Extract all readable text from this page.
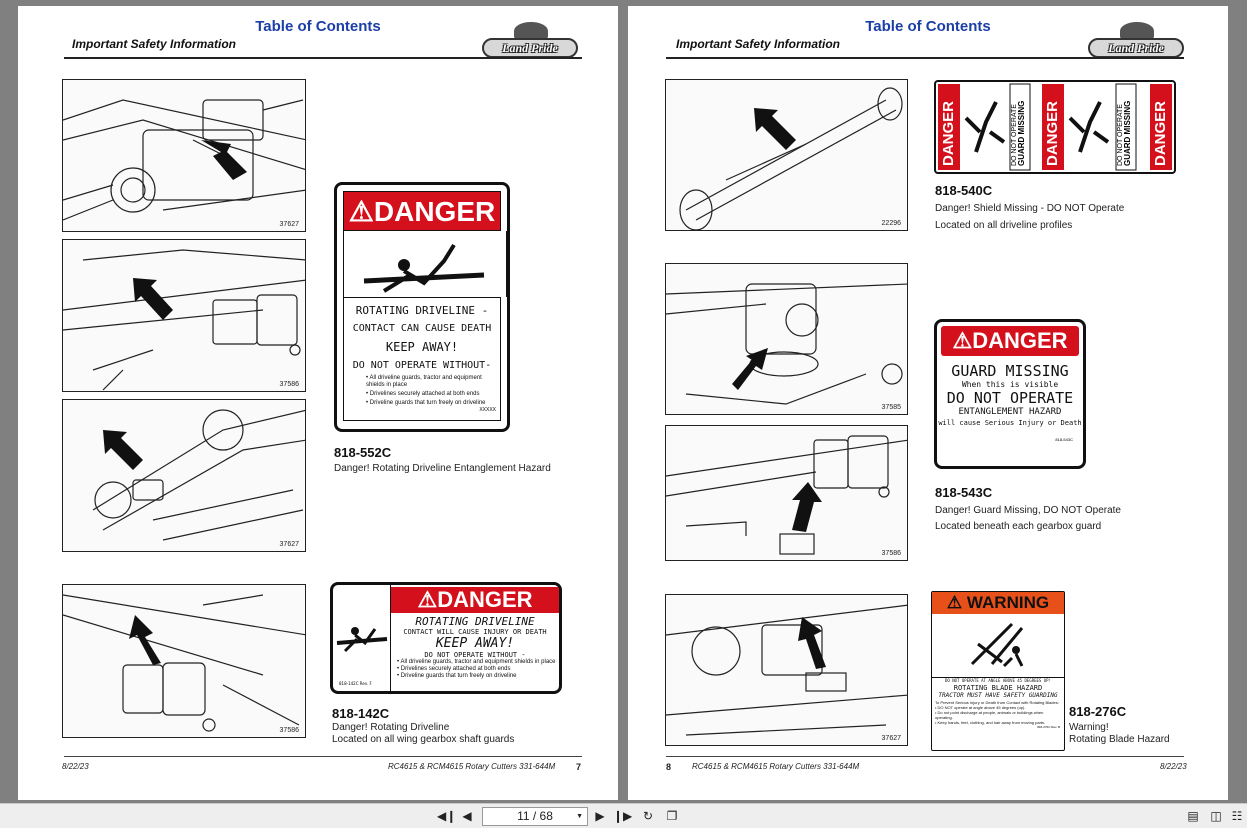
Table of Contents
Important Safety Information	Land Pride
37627
37586
37627
37586
⚠DANGER
ROTATING DRIVELINE -
CONTACT CAN CAUSE DEATH
KEEP AWAY!
DO NOT OPERATE WITHOUT-
• All driveline guards, tractor and equipment shields in place
• Drivelines securely attached at both ends
• Driveline guards that turn freely on driveline
XXXXX
818-552C
Danger! Rotating Driveline Entanglement Hazard
818-142C Rev. F
⚠DANGER
ROTATING DRIVELINE
CONTACT WILL CAUSE INJURY OR DEATH
KEEP AWAY!
DO NOT OPERATE WITHOUT -
• All driveline guards, tractor and equipment shields in place
• Drivelines securely attached at both ends
• Driveline guards that turn freely on driveline
818-142C
Danger! Rotating Driveline
Located on all wing gearbox shaft guards
8/22/23	RC4615 & RCM4615 Rotary Cutters 331-644M 7
Table of Contents
Important Safety Information	Land Pride
22296
37585
37586
37627
DANGER	GUARD MISSING
DO NOT OPERATE DANGER	GUARD MISSING
DO NOT OPERATE DANGER
818-540C
Danger! Shield Missing - DO NOT Operate
Located on all driveline profiles
⚠DANGER
GUARD MISSING
When this is visible
DO NOT OPERATE
ENTANGLEMENT HAZARD
will cause Serious Injury or Death
818-543C
818-543C
Danger! Guard Missing, DO NOT Operate
Located beneath each gearbox guard
⚠ WARNING
DO NOT OPERATE AT ANGLE ABOVE 45 DEGREES UP!
ROTATING BLADE HAZARD
TRACTOR MUST HAVE SAFETY GUARDING
To Prevent Serious Injury or Death from Contact with Rotating Blades:
• DO NOT operate at angle above 45 degrees (up).
• Do not point discharge at people, animals or buildings when operating.
• Keep hands, feet, clothing, and hair away from moving parts.
818-276C Rev. B
818-276C
Warning!
Rotating Blade Hazard
8	RC4615 & RCM4615 Rotary Cutters 331-644M	8/22/23
◀❙ ◀	11 / 68	▼ ▶ ❙▶ ↻	❐	▤ ◫ ☷
